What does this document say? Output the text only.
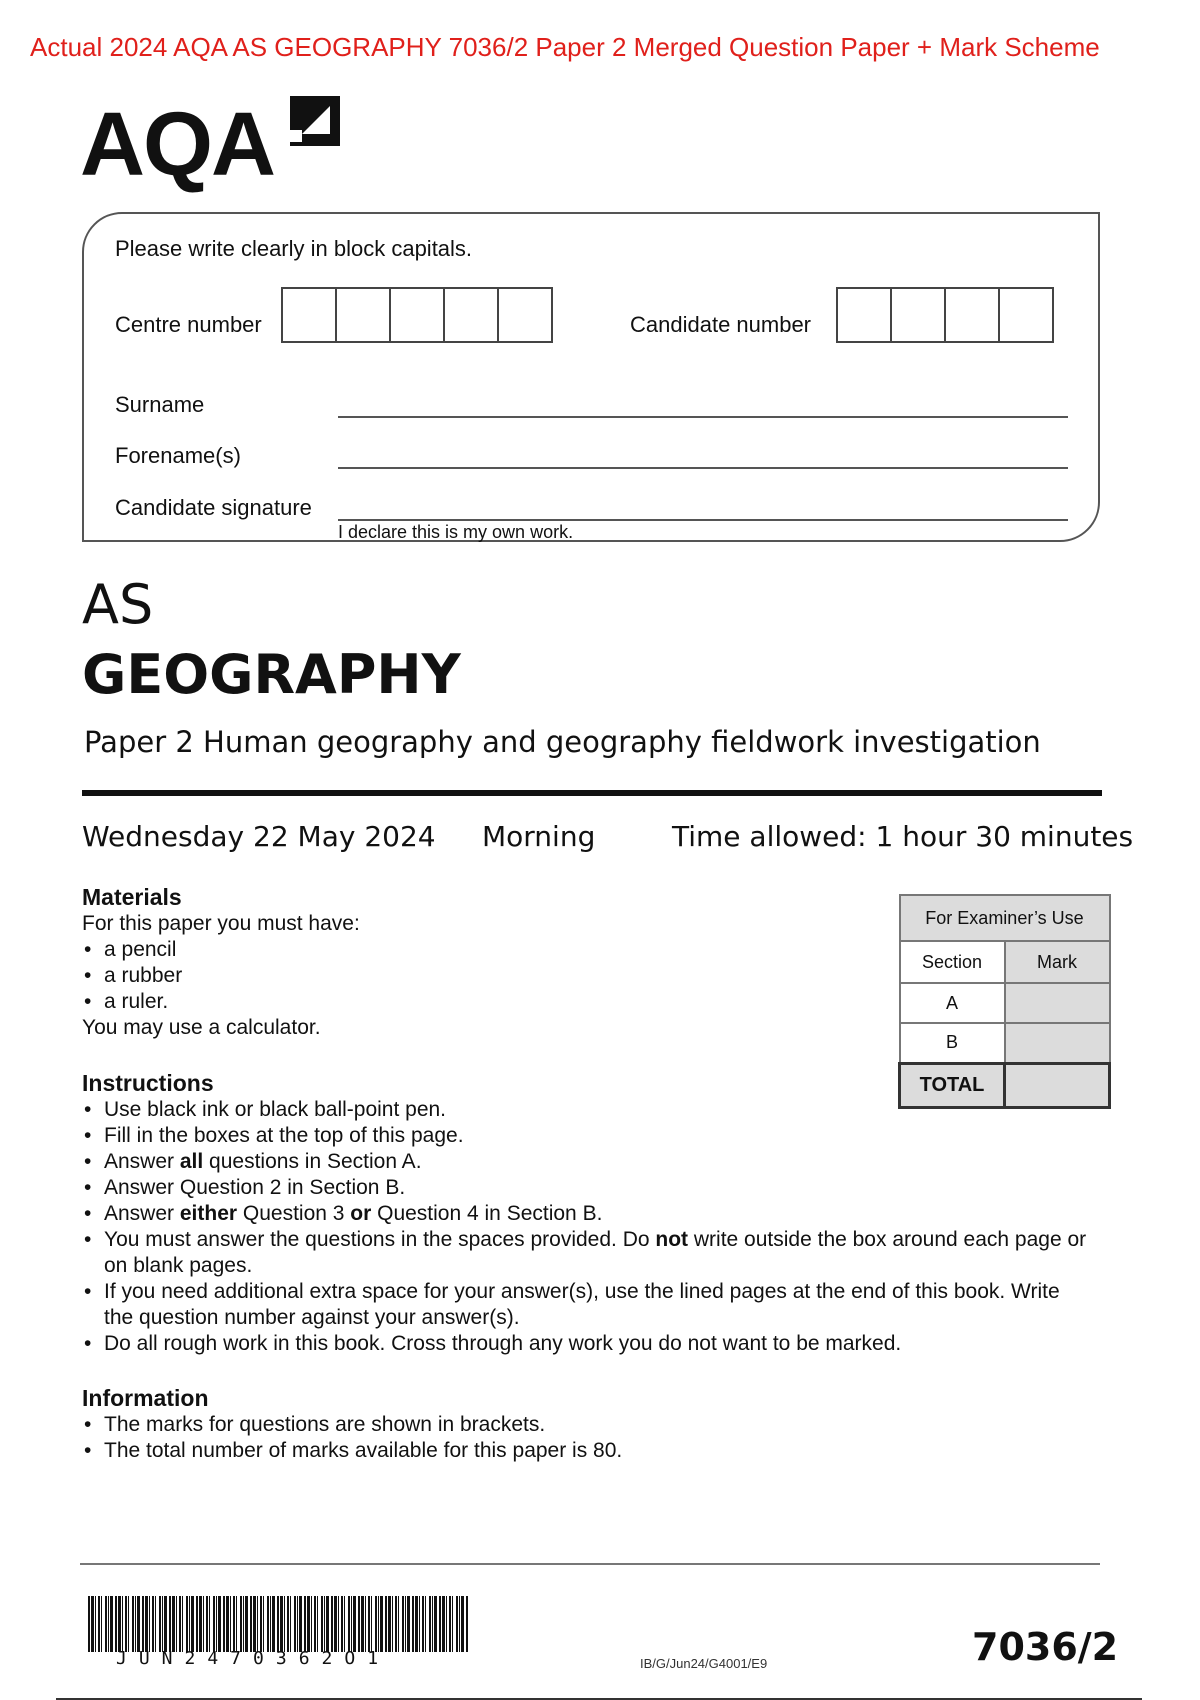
Actual 2024 AQA AS GEOGRAPHY 7036/2 Paper 2 Merged Question Paper + Mark Scheme
AQA
Please write clearly in block capitals.
Centre number	Candidate number
Surname
Forename(s)
Candidate signature
I declare this is my own work.
AS
GEOGRAPHY
Paper 2 Human geography and geography fieldwork investigation
Wednesday 22 May 2024 Morning	Time allowed: 1 hour 30 minutes
Materials
For this paper you must have:
• a pencil
• a rubber
• a ruler.
You may use a calculator.
For Examiner’s Use	
Section	Mark
A	
B	
TOTAL	
Instructions
• Use black ink or black ball-point pen.
• Fill in the boxes at the top of this page.
• Answer all questions in Section A.
• Answer Question 2 in Section B.
• Answer either Question 3 or Question 4 in Section B.
• You must answer the questions in the spaces provided. Do not write outside the box around each page or on blank pages.
• If you need additional extra space for your answer(s), use the lined pages at the end of this book. Write the question number against your answer(s).
• Do all rough work in this book. Cross through any work you do not want to be marked.
Information
• The marks for questions are shown in brackets.
• The total number of marks available for this paper is 80.
JUN2470362O1	IB/G/Jun24/G4001/E9	7036/2
